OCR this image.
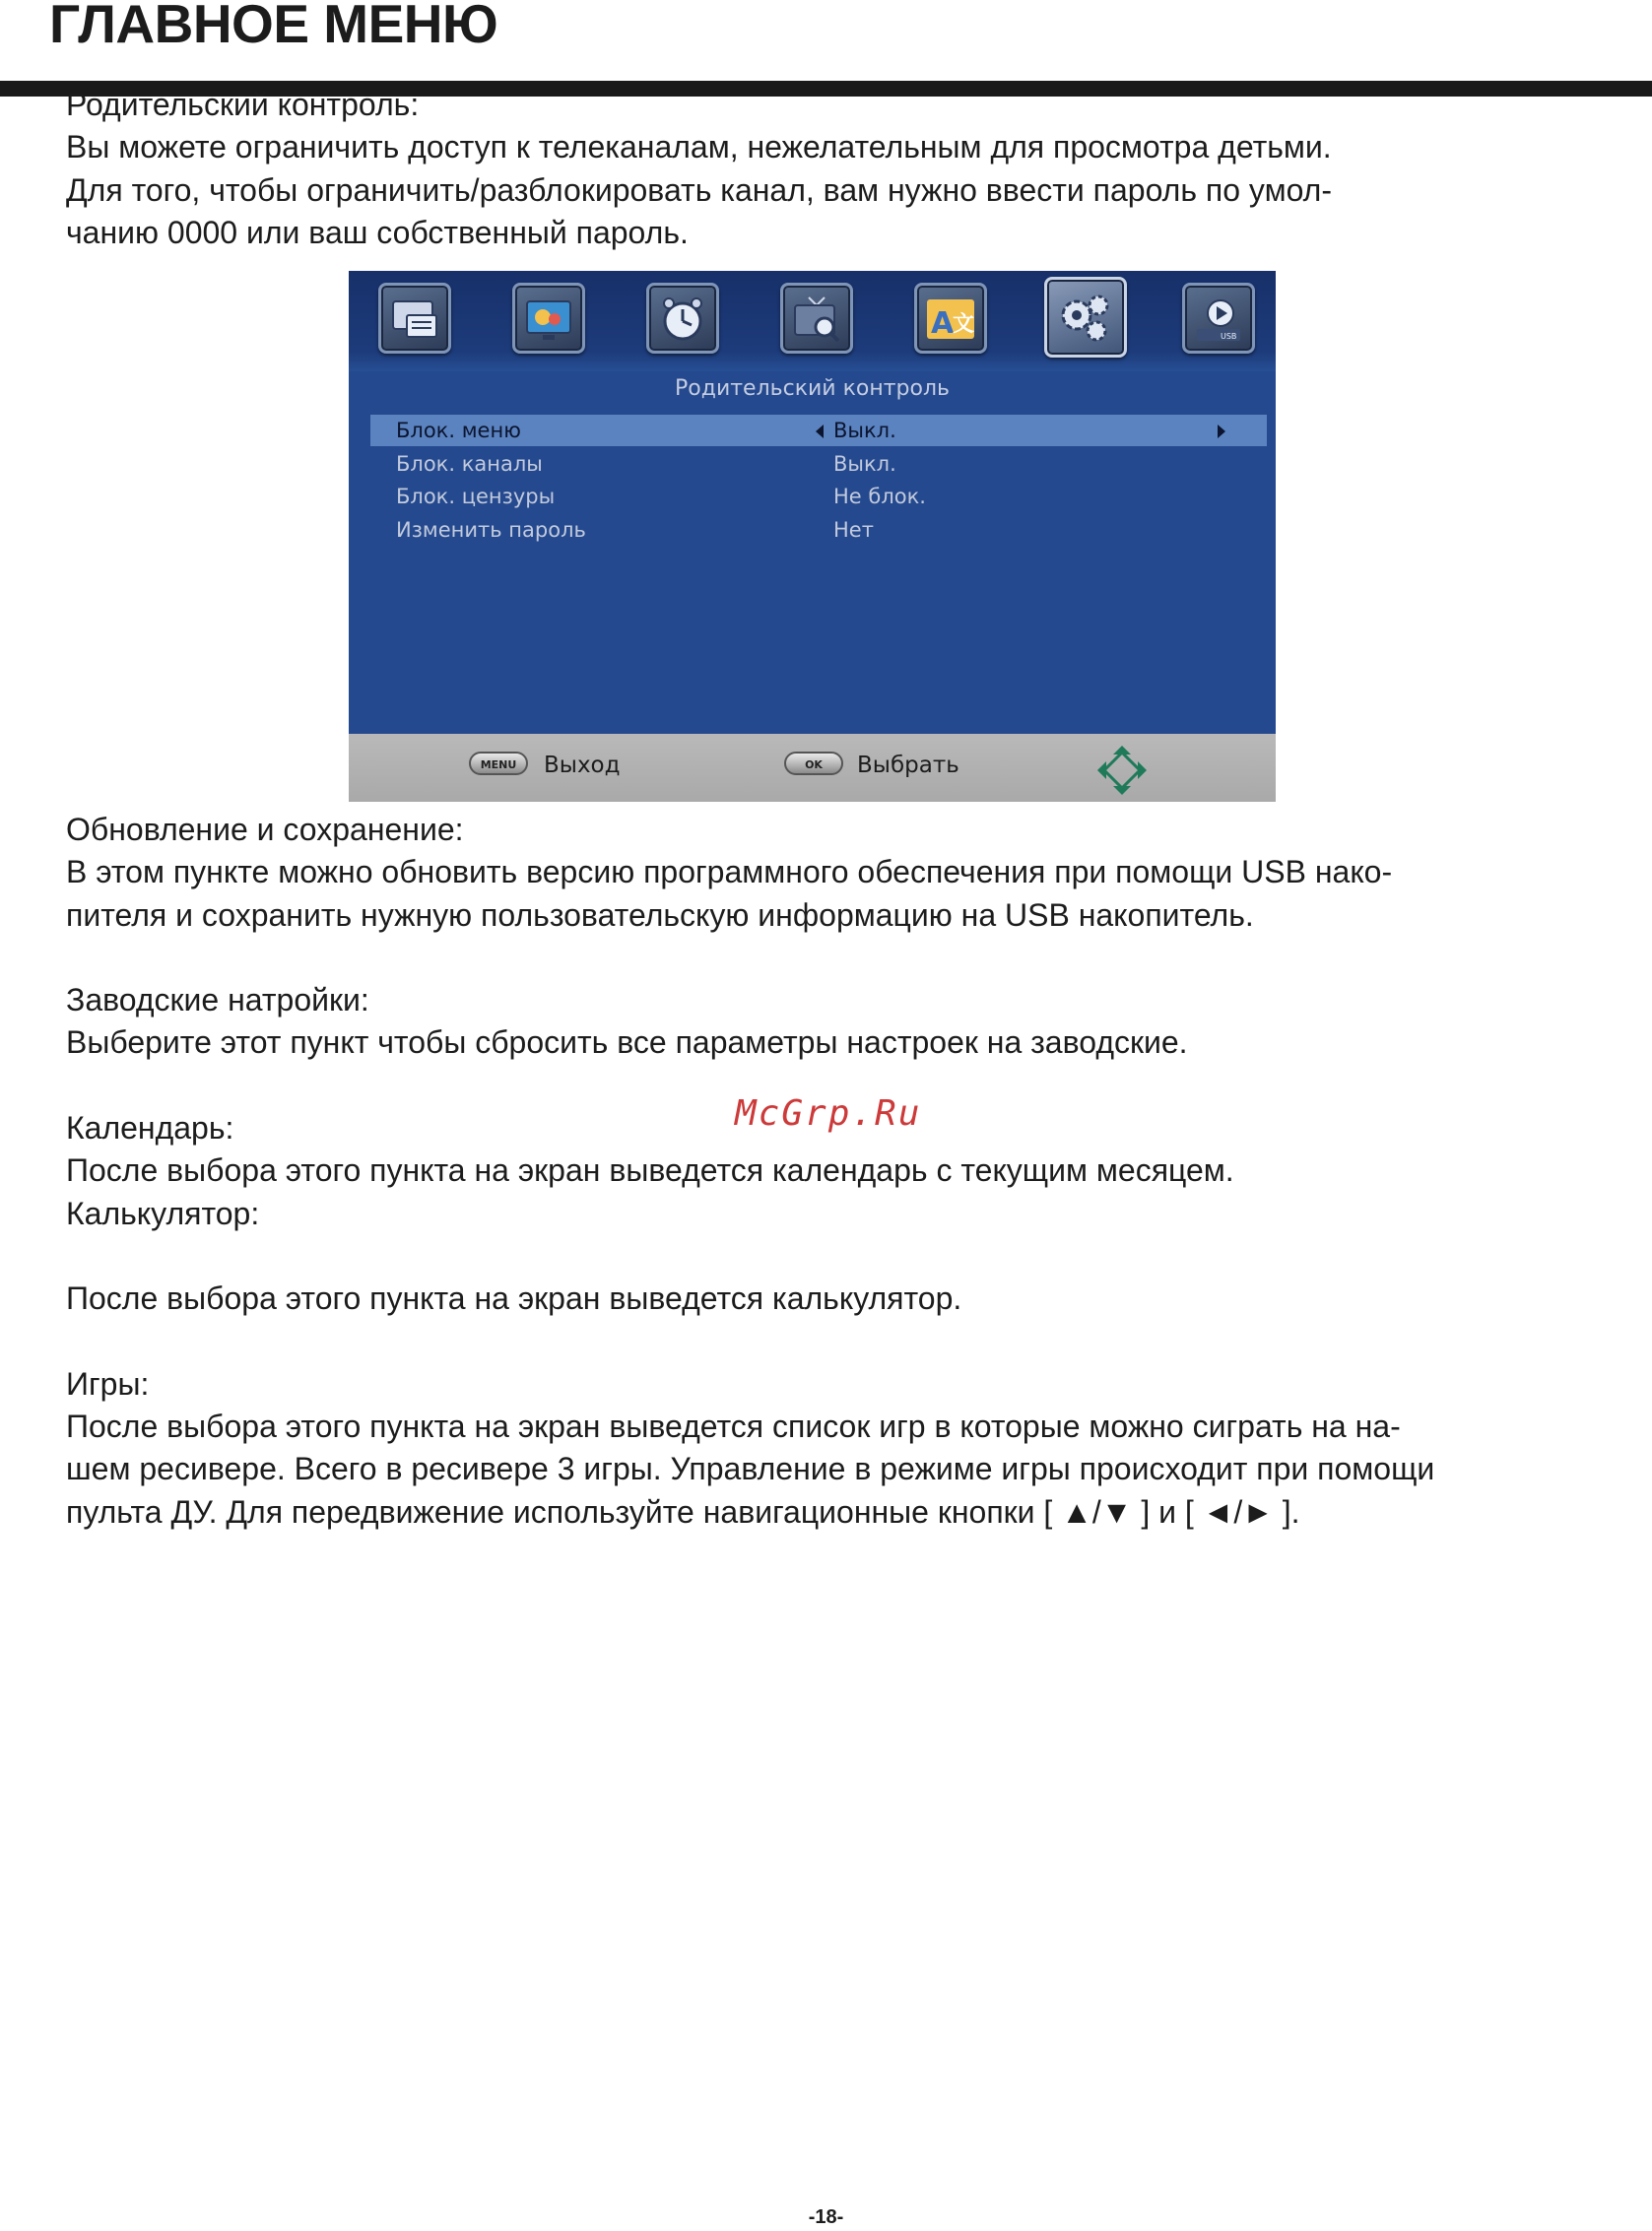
ГЛАВНОЕ МЕНЮ
Родительский контроль:
Вы можете ограничить доступ к телеканалам, нежелательным для просмотра детьми.
Для того, чтобы ограничить/разблокировать канал, вам нужно ввести пароль по умол-
чанию 0000 или ваш собственный пароль.
A
文	USB
Родительский контроль
Блок. меню	Выкл.
Блок. каналы	Выкл.
Блок. цензуры	Не блок.
Изменить пароль	Нет
MENU	Выход	OK	Выбрать
Обновление и сохранение:
В этом пункте можно обновить версию программного обеспечения при помощи USB нако-
пителя и сохранить нужную пользовательскую информацию на USB накопитель.
Заводские натройки:
Выберите этот пункт чтобы сбросить все параметры настроек на заводские.
Календарь:
После выбора этого пункта на экран выведется календарь с текущим месяцем.
Калькулятор:
После выбора этого пункта на экран выведется калькулятор.
Игры:
После выбора этого пункта на экран выведется список игр в которые можно сиграть на на-
шем ресивере. Всего в ресивере 3 игры. Управление в режиме игры происходит при помощи
пульта ДУ. Для передвижение используйте навигационные кнопки [ ▲/▼ ] и [ ◄/► ].

McGrp.Ru

-18-
